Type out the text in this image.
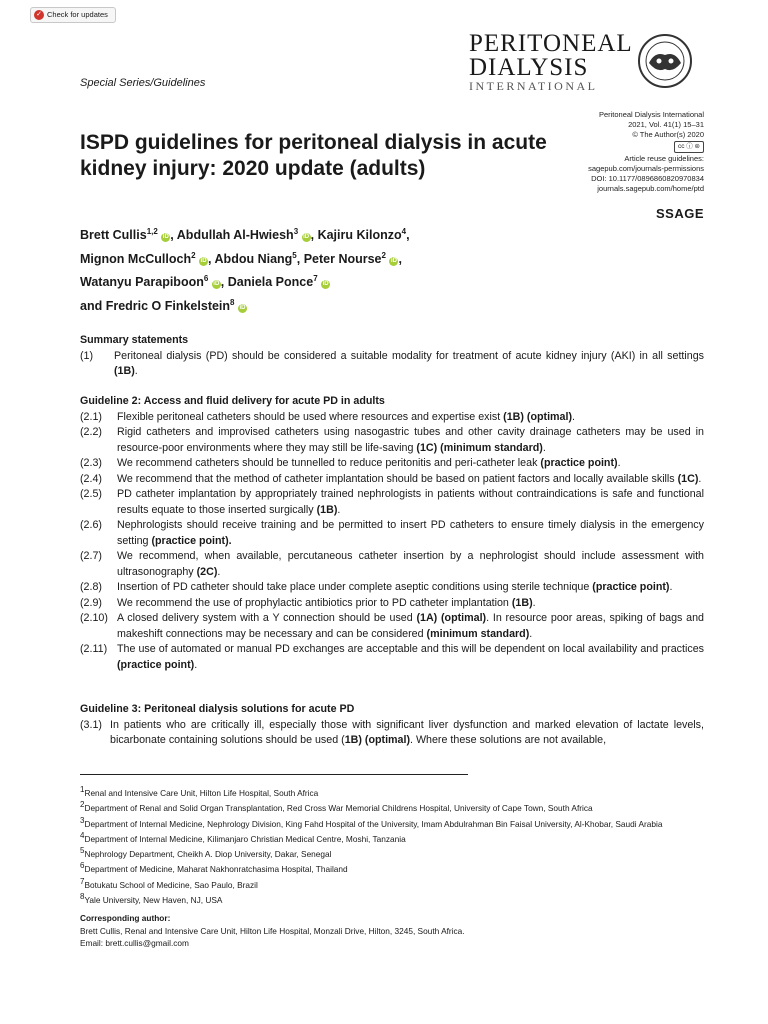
✓ Check for updates
Special Series/Guidelines
PERITONEAL
DIALYSIS
INTERNATIONAL
ISPD guidelines for peritoneal dialysis in acute kidney injury: 2020 update (adults)
Peritoneal Dialysis International
2021, Vol. 41(1) 15–31
© The Author(s) 2020
cc ⓘ ⊜
Article reuse guidelines:
sagepub.com/journals-permissions
DOI: 10.1177/0896860820970834
journals.sagepub.com/home/ptd
SSAGE
Brett Cullis$^{1,2}$ iD , Abdullah Al-Hwiesh$^3$ iD , Kajiru Kilonzo$^4$,
Mignon McCulloch$^2$ iD , Abdou Niang$^5$, Peter Nourse$^2$ iD ,
Watanyu Parapiboon$^6$ iD , Daniela Ponce$^7$ iD
and Fredric O Finkelstein$^8$ iD
Summary statements
(1)	Peritoneal dialysis (PD) should be considered a suitable modality for treatment of acute kidney injury (AKI) in all settings (1B).
Guideline 2: Access and fluid delivery for acute PD in adults
(2.1)	Flexible peritoneal catheters should be used where resources and expertise exist (1B) (optimal).
(2.2)	Rigid catheters and improvised catheters using nasogastric tubes and other cavity drainage catheters may be used in resource-poor environments where they may still be life-saving (1C) (minimum standard).
(2.3)	We recommend catheters should be tunnelled to reduce peritonitis and peri-catheter leak (practice point).
(2.4)	We recommend that the method of catheter implantation should be based on patient factors and locally available skills (1C).
(2.5)	PD catheter implantation by appropriately trained nephrologists in patients without contraindications is safe and functional results equate to those inserted surgically (1B).
(2.6)	Nephrologists should receive training and be permitted to insert PD catheters to ensure timely dialysis in the emergency setting (practice point).
(2.7)	We recommend, when available, percutaneous catheter insertion by a nephrologist should include assessment with ultrasonography (2C).
(2.8)	Insertion of PD catheter should take place under complete aseptic conditions using sterile technique (practice point).
(2.9)	We recommend the use of prophylactic antibiotics prior to PD catheter implantation (1B).
(2.10) A closed delivery system with a Y connection should be used (1A) (optimal). In resource poor areas, spiking of bags and makeshift connections may be necessary and can be considered (minimum standard).
(2.11) The use of automated or manual PD exchanges are acceptable and this will be dependent on local availability and practices (practice point).
Guideline 3: Peritoneal dialysis solutions for acute PD
(3.1) In patients who are critically ill, especially those with significant liver dysfunction and marked elevation of lactate levels, bicarbonate containing solutions should be used (1B) (optimal). Where these solutions are not available,
$^1$Renal and Intensive Care Unit, Hilton Life Hospital, South Africa
$^2$Department of Renal and Solid Organ Transplantation, Red Cross War Memorial Childrens Hospital, University of Cape Town, South Africa
$^3$Department of Internal Medicine, Nephrology Division, King Fahd Hospital of the University, Imam Abdulrahman Bin Faisal University, Al-Khobar, Saudi Arabia
$^4$Department of Internal Medicine, Kilimanjaro Christian Medical Centre, Moshi, Tanzania
$^5$Nephrology Department, Cheikh A. Diop University, Dakar, Senegal
$^6$Department of Medicine, Maharat Nakhonratchasima Hospital, Thailand
$^7$Botukatu School of Medicine, Sao Paulo, Brazil
$^8$Yale University, New Haven, NJ, USA
Corresponding author:
Brett Cullis, Renal and Intensive Care Unit, Hilton Life Hospital, Monzali Drive, Hilton, 3245, South Africa.
Email: brett.cullis@gmail.com
